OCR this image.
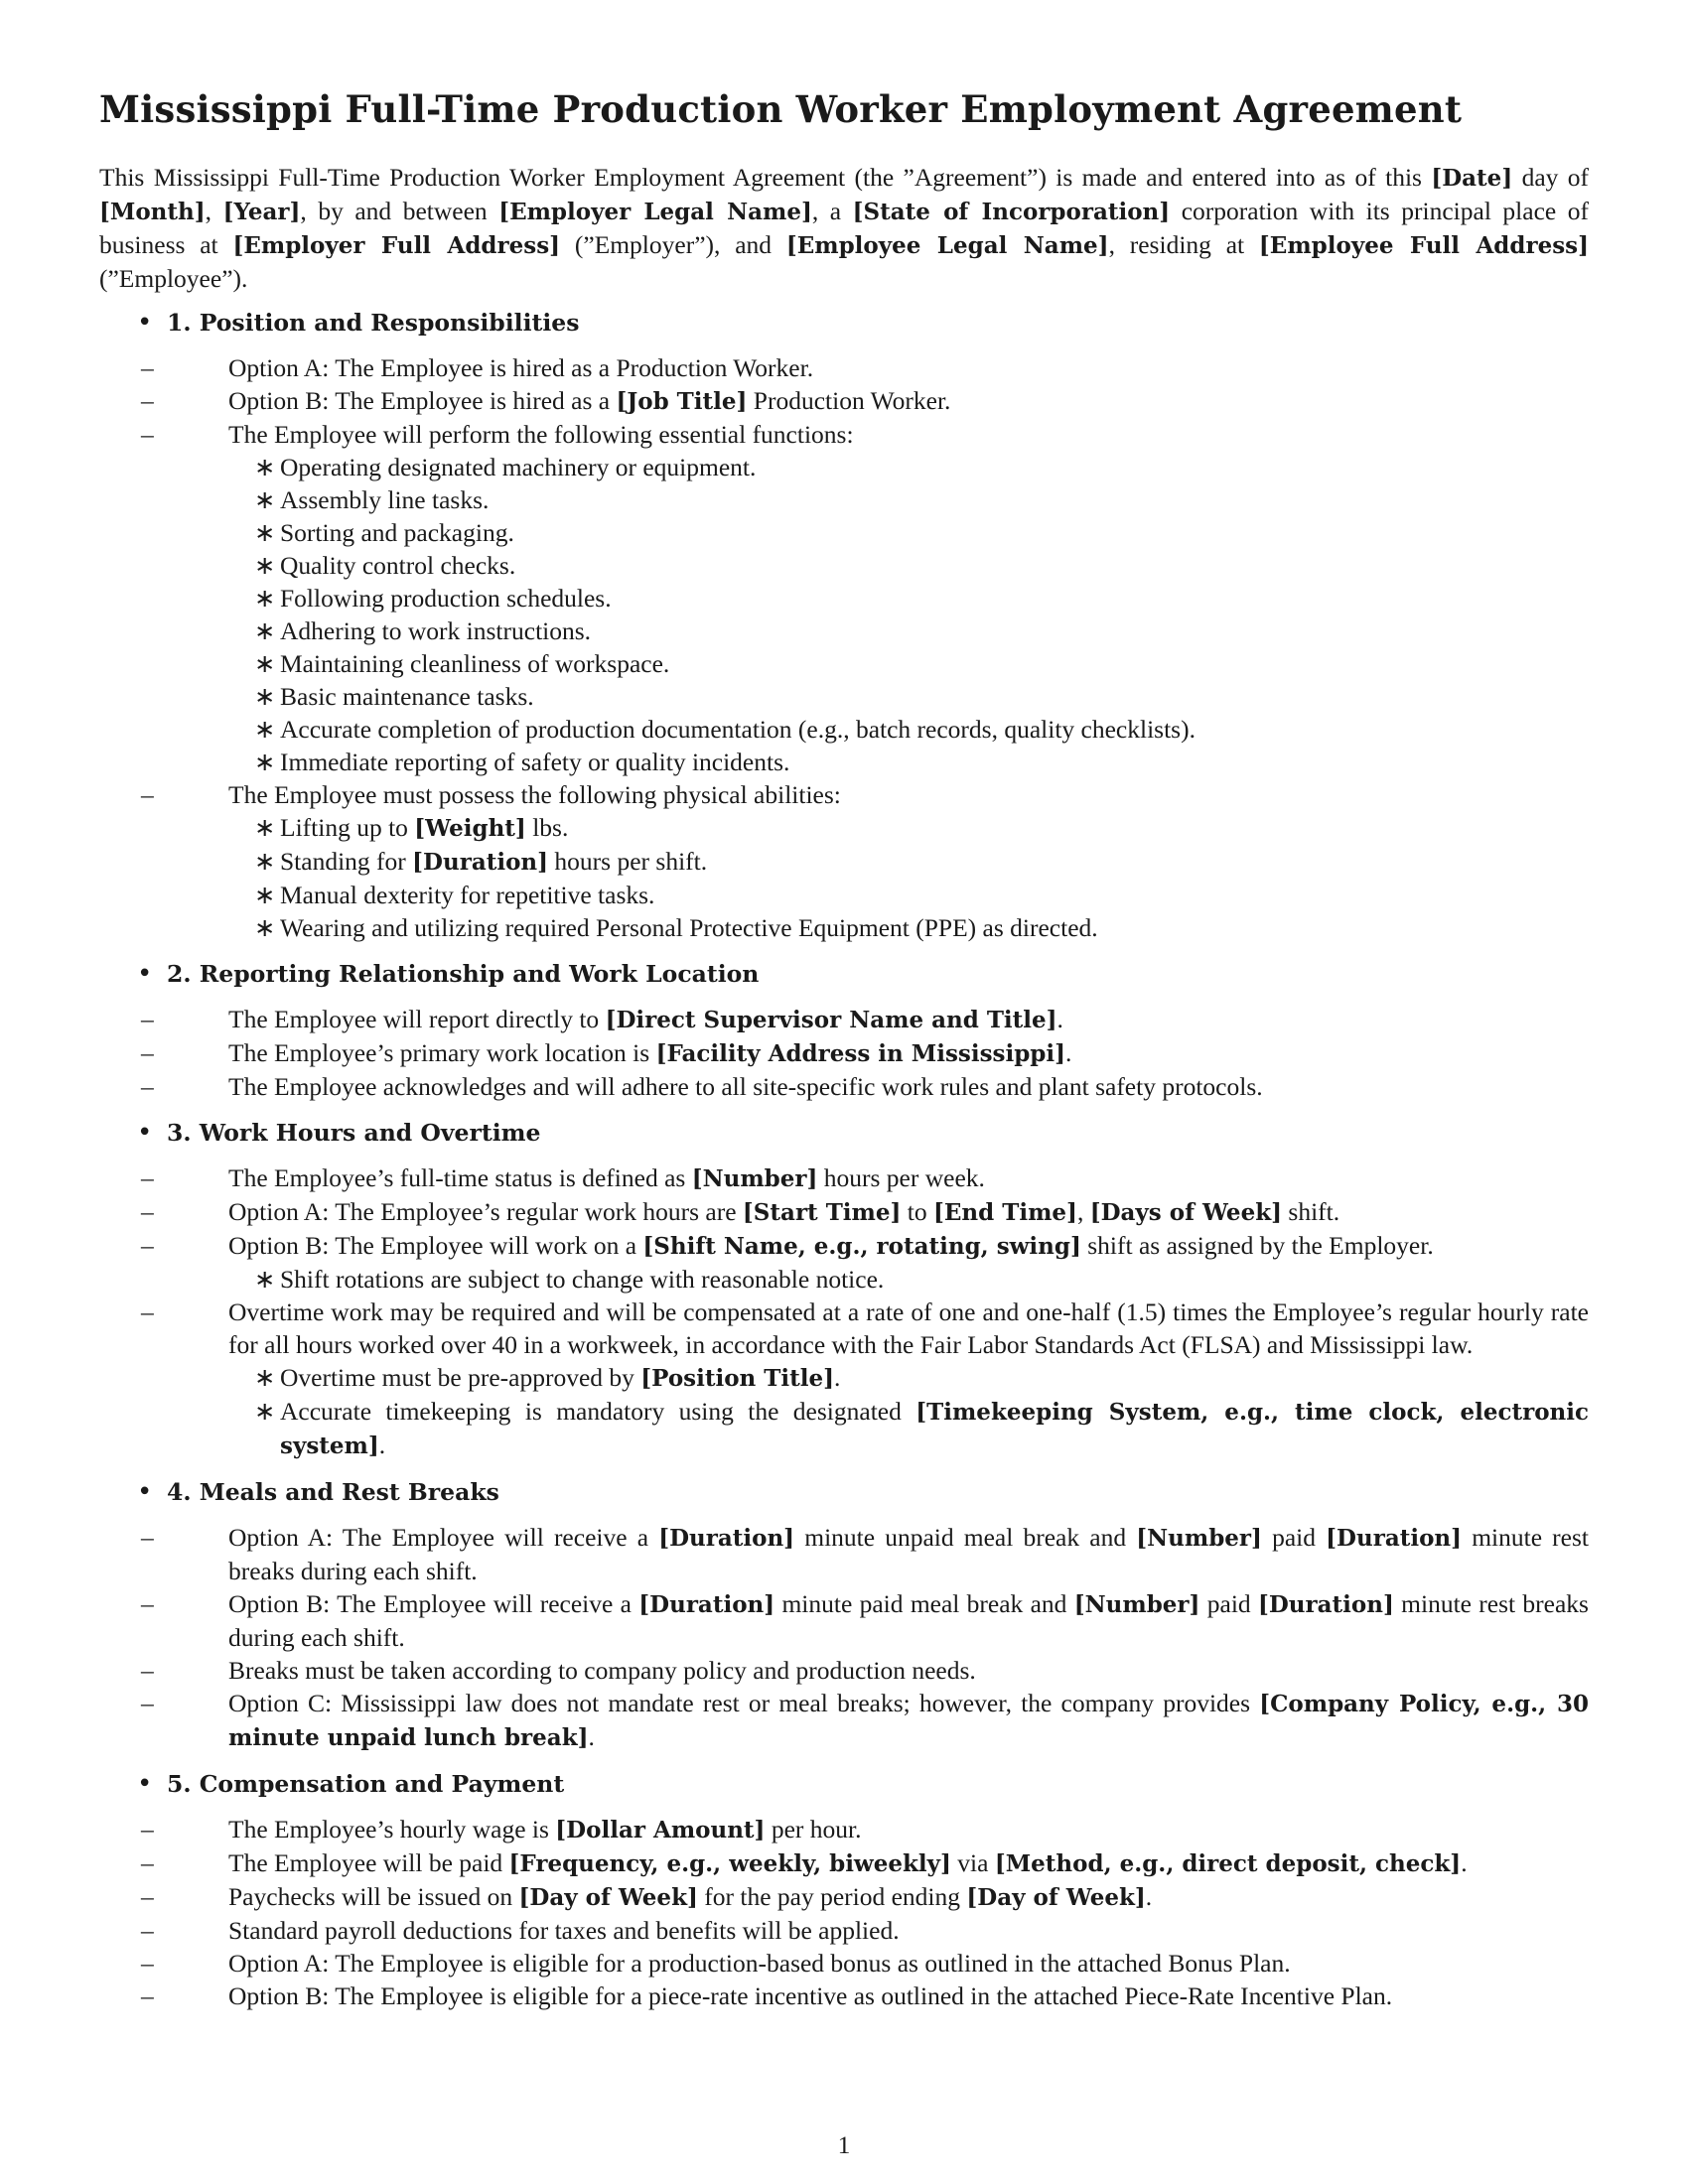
Mississippi Full-Time Production Worker Employment Agreement

This Mississippi Full-Time Production Worker Employment Agreement (the ”Agreement”) is made and entered into as of this [Date] day of [Month], [Year], by and between [Employer Legal Name], a [State of Incorporation] corporation with its principal place of business at [Employer Full Address] (”Employer”), and [Employee Legal Name], residing at [Employee Full Address] (”Employee”).

• 1. Position and Responsibilities
– Option A: The Employee is hired as a Production Worker.
– Option B: The Employee is hired as a [Job Title] Production Worker.
– The Employee will perform the following essential functions:
∗ Operating designated machinery or equipment.
∗ Assembly line tasks.
∗ Sorting and packaging.
∗ Quality control checks.
∗ Following production schedules.
∗ Adhering to work instructions.
∗ Maintaining cleanliness of workspace.
∗ Basic maintenance tasks.
∗ Accurate completion of production documentation (e.g., batch records, quality checklists).
∗ Immediate reporting of safety or quality incidents.
– The Employee must possess the following physical abilities:
∗ Lifting up to [Weight] lbs.
∗ Standing for [Duration] hours per shift.
∗ Manual dexterity for repetitive tasks.
∗ Wearing and utilizing required Personal Protective Equipment (PPE) as directed.
• 2. Reporting Relationship and Work Location
– The Employee will report directly to [Direct Supervisor Name and Title].
– The Employee’s primary work location is [Facility Address in Mississippi].
– The Employee acknowledges and will adhere to all site-specific work rules and plant safety protocols.
• 3. Work Hours and Overtime
– The Employee’s full-time status is defined as [Number] hours per week.
– Option A: The Employee’s regular work hours are [Start Time] to [End Time], [Days of Week] shift.
– Option B: The Employee will work on a [Shift Name, e.g., rotating, swing] shift as assigned by the Employer.
∗ Shift rotations are subject to change with reasonable notice.
– Overtime work may be required and will be compensated at a rate of one and one-half (1.5) times the Employee’s regular hourly rate for all hours worked over 40 in a workweek, in accordance with the Fair Labor Standards Act (FLSA) and Mississippi law.
∗ Overtime must be pre-approved by [Position Title].
∗ Accurate timekeeping is mandatory using the designated [Timekeeping System, e.g., time clock, electronic system].
• 4. Meals and Rest Breaks
– Option A: The Employee will receive a [Duration] minute unpaid meal break and [Number] paid [Duration] minute rest breaks during each shift.
– Option B: The Employee will receive a [Duration] minute paid meal break and [Number] paid [Duration] minute rest breaks during each shift.
– Breaks must be taken according to company policy and production needs.
– Option C: Mississippi law does not mandate rest or meal breaks; however, the company provides [Company Policy, e.g., 30 minute unpaid lunch break].
• 5. Compensation and Payment
– The Employee’s hourly wage is [Dollar Amount] per hour.
– The Employee will be paid [Frequency, e.g., weekly, biweekly] via [Method, e.g., direct deposit, check].
– Paychecks will be issued on [Day of Week] for the pay period ending [Day of Week].
– Standard payroll deductions for taxes and benefits will be applied.
– Option A: The Employee is eligible for a production-based bonus as outlined in the attached Bonus Plan.
– Option B: The Employee is eligible for a piece-rate incentive as outlined in the attached Piece-Rate Incentive Plan.
1
